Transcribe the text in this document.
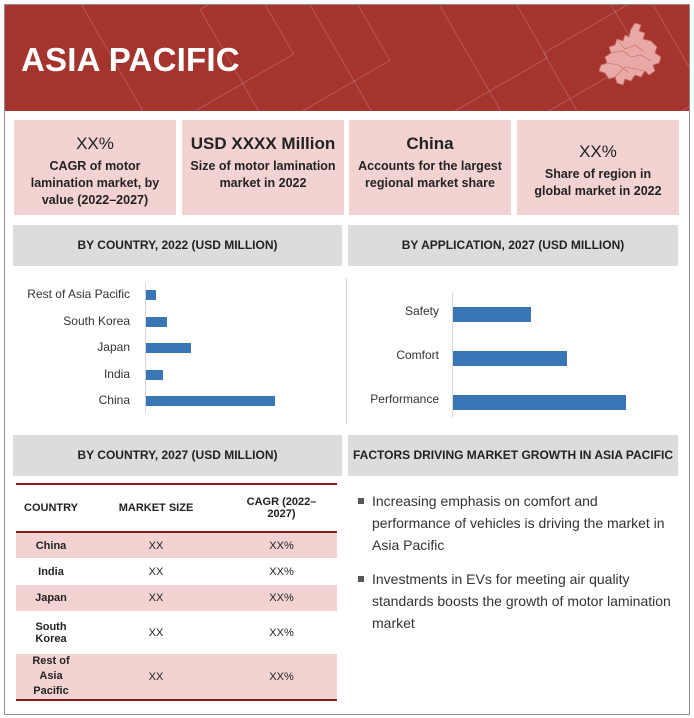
ASIA PACIFIC
XX%
CAGR of motor lamination market, by value (2022–2027)
USD XXXX Million
Size of motor lamination market in 2022
China
Accounts for the largest regional market share
XX%
Share of region in global market in 2022
BY COUNTRY, 2022 (USD MILLION)	BY APPLICATION, 2027 (USD MILLION)
Rest of Asia Pacific
South Korea
Japan
India
China
Safety
Comfort
Performance
BY COUNTRY, 2027 (USD MILLION)	FACTORS DRIVING MARKET GROWTH IN ASIA PACIFIC
COUNTRY	MARKET SIZE	CAGR (2022–2027)
China	XX	XX%
India	XX	XX%
Japan	XX	XX%
South Korea	XX	XX%
Rest of Asia Pacific	XX	XX%
Increasing emphasis on comfort and performance of vehicles is driving the market in Asia Pacific
Investments in EVs for meeting air quality standards boosts the growth of motor lamination market
